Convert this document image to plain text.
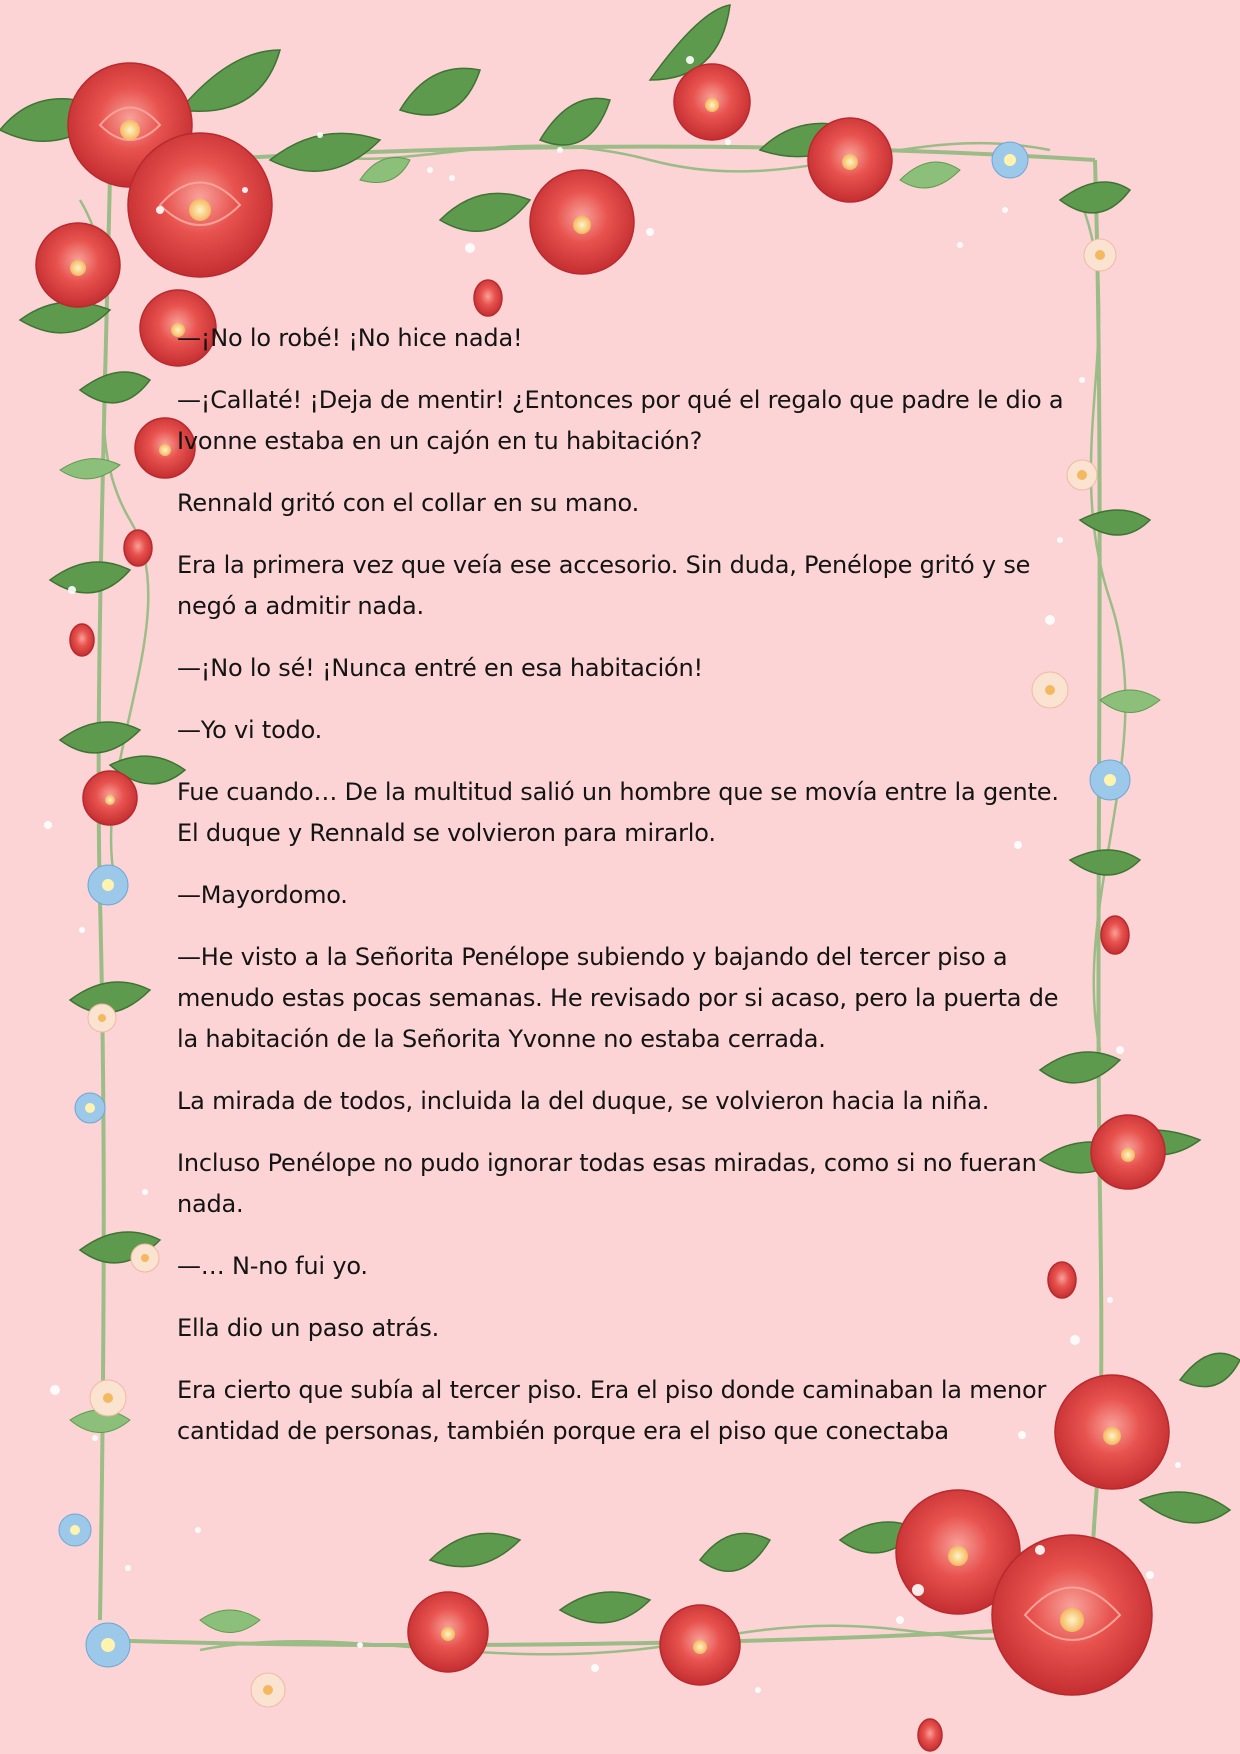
—¡No lo robé! ¡No hice nada!

—¡Callaté! ¡Deja de mentir! ¿Entonces por qué el regalo que padre le dio a Ivonne estaba en un cajón en tu habitación?

Rennald gritó con el collar en su mano.

Era la primera vez que veía ese accesorio. Sin duda, Penélope gritó y se negó a admitir nada.

—¡No lo sé! ¡Nunca entré en esa habitación!

—Yo vi todo.

Fue cuando… De la multitud salió un hombre que se movía entre la gente. El duque y Rennald se volvieron para mirarlo.

—Mayordomo.

—He visto a la Señorita Penélope subiendo y bajando del tercer piso a menudo estas pocas semanas. He revisado por si acaso, pero la puerta de la habitación de la Señorita Yvonne no estaba cerrada.

La mirada de todos, incluida la del duque, se volvieron hacia la niña.

Incluso Penélope no pudo ignorar todas esas miradas, como si no fueran nada.

—… N-no fui yo.

Ella dio un paso atrás.

Era cierto que subía al tercer piso. Era el piso donde caminaban la menor cantidad de personas, también porque era el piso que conectaba
